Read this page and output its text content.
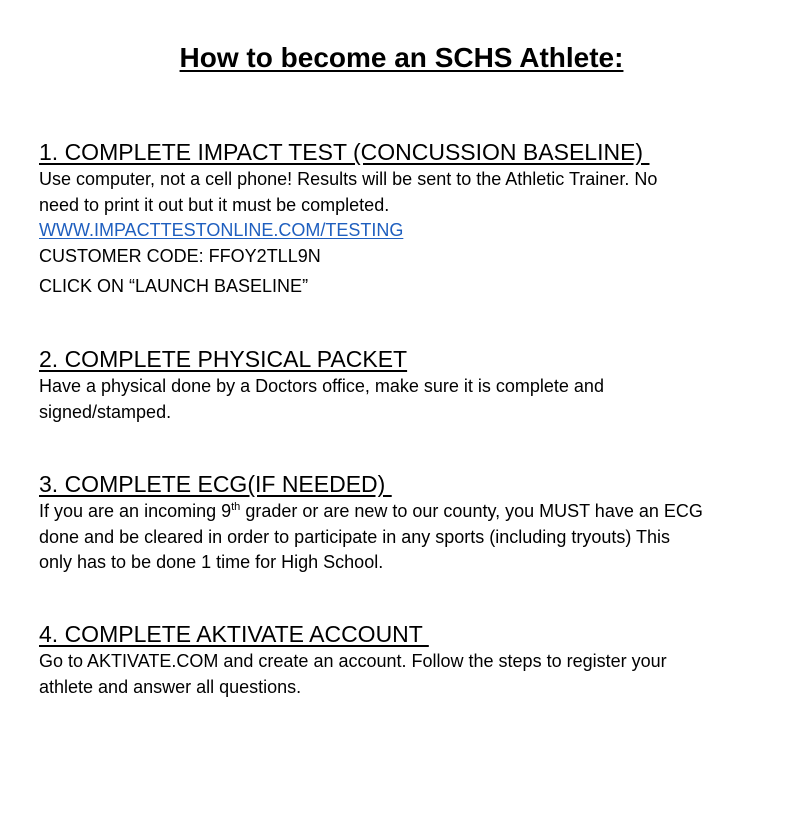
How to become an SCHS Athlete:

1. COMPLETE IMPACT TEST (CONCUSSION BASELINE)

Use computer, not a cell phone! Results will be sent to the Athletic Trainer. No

need to print it out but it must be completed.

WWW.IMPACTTESTONLINE.COM/TESTING

CUSTOMER CODE: FFOY2TLL9N

CLICK ON “LAUNCH BASELINE”

2. COMPLETE PHYSICAL PACKET

Have a physical done by a Doctors office, make sure it is complete and

signed/stamped.

3. COMPLETE ECG(IF NEEDED)

If you are an incoming 9th grader or are new to our county, you MUST have an ECG

done and be cleared in order to participate in any sports (including tryouts) This

only has to be done 1 time for High School.

4. COMPLETE AKTIVATE ACCOUNT

Go to AKTIVATE.COM and create an account. Follow the steps to register your

athlete and answer all questions.
